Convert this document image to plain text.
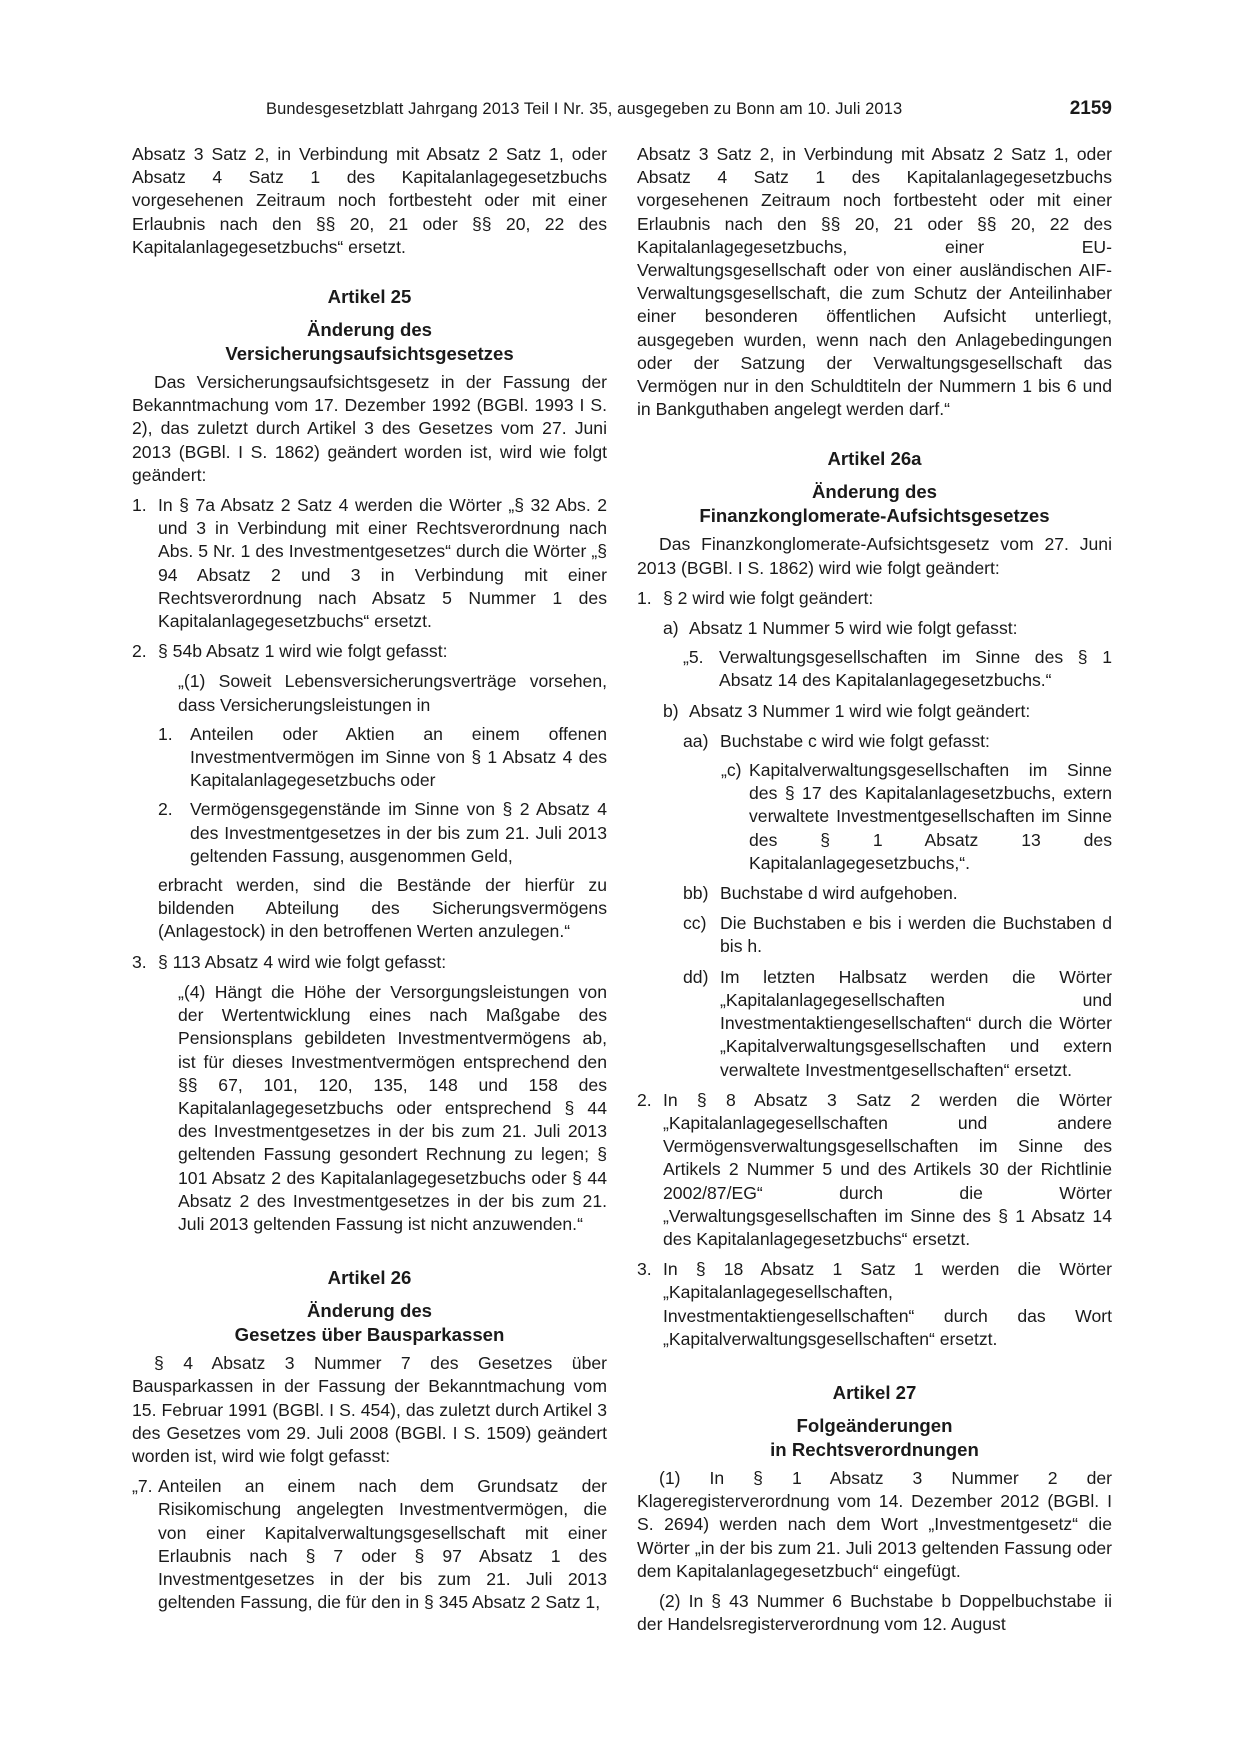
Bundesgesetzblatt Jahrgang 2013 Teil I Nr. 35, ausgegeben zu Bonn am 10. Juli 2013	2159

Absatz 3 Satz 2, in Verbindung mit Absatz 2 Satz 1, oder Absatz 4 Satz 1 des Kapitalanlagegesetzbuchs vorgesehenen Zeitraum noch fortbesteht oder mit einer Erlaubnis nach den §§ 20, 21 oder §§ 20, 22 des Kapitalanlagegesetzbuchs“ ersetzt.

Artikel 25
Änderung des
Versicherungsaufsichtsgesetzes

Das Versicherungsaufsichtsgesetz in der Fassung der Bekanntmachung vom 17. Dezember 1992 (BGBl. 1993 I S. 2), das zuletzt durch Artikel 3 des Gesetzes vom 27. Juni 2013 (BGBl. I S. 1862) geändert worden ist, wird wie folgt geändert:

1. In § 7a Absatz 2 Satz 4 werden die Wörter „§ 32 Abs. 2 und 3 in Verbindung mit einer Rechtsverordnung nach Abs. 5 Nr. 1 des Investmentgesetzes“ durch die Wörter „§ 94 Absatz 2 und 3 in Verbindung mit einer Rechtsverordnung nach Absatz 5 Nummer 1 des Kapitalanlagegesetzbuchs“ ersetzt.
2. § 54b Absatz 1 wird wie folgt gefasst:

„(1) Soweit Lebensversicherungsverträge vorsehen, dass Versicherungsleistungen in

1. Anteilen oder Aktien an einem offenen Investmentvermögen im Sinne von § 1 Absatz 4 des Kapitalanlagegesetzbuchs oder
2. Vermögensgegenstände im Sinne von § 2 Absatz 4 des Investmentgesetzes in der bis zum 21. Juli 2013 geltenden Fassung, ausgenommen Geld,

erbracht werden, sind die Bestände der hierfür zu bildenden Abteilung des Sicherungsvermögens (Anlagestock) in den betroffenen Werten anzulegen.“

3. § 113 Absatz 4 wird wie folgt gefasst:

„(4) Hängt die Höhe der Versorgungsleistungen von der Wertentwicklung eines nach Maßgabe des Pensionsplans gebildeten Investmentvermögens ab, ist für dieses Investmentvermögen entsprechend den §§ 67, 101, 120, 135, 148 und 158 des Kapitalanlagegesetzbuchs oder entsprechend § 44 des Investmentgesetzes in der bis zum 21. Juli 2013 geltenden Fassung gesondert Rechnung zu legen; § 101 Absatz 2 des Kapitalanlagegesetzbuchs oder § 44 Absatz 2 des Investmentgesetzes in der bis zum 21. Juli 2013 geltenden Fassung ist nicht anzuwenden.“

Artikel 26
Änderung des
Gesetzes über Bausparkassen

§ 4 Absatz 3 Nummer 7 des Gesetzes über Bausparkassen in der Fassung der Bekanntmachung vom 15. Februar 1991 (BGBl. I S. 454), das zuletzt durch Artikel 3 des Gesetzes vom 29. Juli 2008 (BGBl. I S. 1509) geändert worden ist, wird wie folgt gefasst:

„7. Anteilen an einem nach dem Grundsatz der Risikomischung angelegten Investmentvermögen, die von einer Kapitalverwaltungsgesellschaft mit einer Erlaubnis nach § 7 oder § 97 Absatz 1 des Investmentgesetzes in der bis zum 21. Juli 2013 geltenden Fassung, die für den in § 345 Absatz 2 Satz 1,

Absatz 3 Satz 2, in Verbindung mit Absatz 2 Satz 1, oder Absatz 4 Satz 1 des Kapitalanlagegesetzbuchs vorgesehenen Zeitraum noch fortbesteht oder mit einer Erlaubnis nach den §§ 20, 21 oder §§ 20, 22 des Kapitalanlagegesetzbuchs, einer EU-Verwaltungsgesellschaft oder von einer ausländischen AIF-Verwaltungsgesellschaft, die zum Schutz der Anteilinhaber einer besonderen öffentlichen Aufsicht unterliegt, ausgegeben wurden, wenn nach den Anlagebedingungen oder der Satzung der Verwaltungsgesellschaft das Vermögen nur in den Schuldtiteln der Nummern 1 bis 6 und in Bankguthaben angelegt werden darf.“

Artikel 26a
Änderung des
Finanzkonglomerate-Aufsichtsgesetzes

Das Finanzkonglomerate-Aufsichtsgesetz vom 27. Juni 2013 (BGBl. I S. 1862) wird wie folgt geändert:

1. § 2 wird wie folgt geändert:
a) Absatz 1 Nummer 5 wird wie folgt gefasst:
„5. Verwaltungsgesellschaften im Sinne des § 1 Absatz 14 des Kapitalanlagegesetzbuchs.“
b) Absatz 3 Nummer 1 wird wie folgt geändert:
aa) Buchstabe c wird wie folgt gefasst:
„c) Kapitalverwaltungsgesellschaften im Sinne des § 17 des Kapitalanlagesetzbuchs, extern verwaltete Investmentgesellschaften im Sinne des § 1 Absatz 13 des Kapitalanlagegesetzbuchs,“.
bb) Buchstabe d wird aufgehoben.
cc) Die Buchstaben e bis i werden die Buchstaben d bis h.
dd) Im letzten Halbsatz werden die Wörter „Kapitalanlagegesellschaften und Investmentaktiengesellschaften“ durch die Wörter „Kapitalverwaltungsgesellschaften und extern verwaltete Investmentgesellschaften“ ersetzt.
2. In § 8 Absatz 3 Satz 2 werden die Wörter „Kapitalanlagegesellschaften und andere Vermögensverwaltungsgesellschaften im Sinne des Artikels 2 Nummer 5 und des Artikels 30 der Richtlinie 2002/87/EG“ durch die Wörter „Verwaltungsgesellschaften im Sinne des § 1 Absatz 14 des Kapitalanlagegesetzbuchs“ ersetzt.
3. In § 18 Absatz 1 Satz 1 werden die Wörter „Kapitalanlagegesellschaften, Investmentaktiengesellschaften“ durch das Wort „Kapitalverwaltungsgesellschaften“ ersetzt.
Artikel 27
Folgeänderungen
in Rechtsverordnungen

(1) In § 1 Absatz 3 Nummer 2 der Klageregisterverordnung vom 14. Dezember 2012 (BGBl. I S. 2694) werden nach dem Wort „Investmentgesetz“ die Wörter „in der bis zum 21. Juli 2013 geltenden Fassung oder dem Kapitalanlagegesetzbuch“ eingefügt.

(2) In § 43 Nummer 6 Buchstabe b Doppelbuchstabe ii der Handelsregisterverordnung vom 12. August
